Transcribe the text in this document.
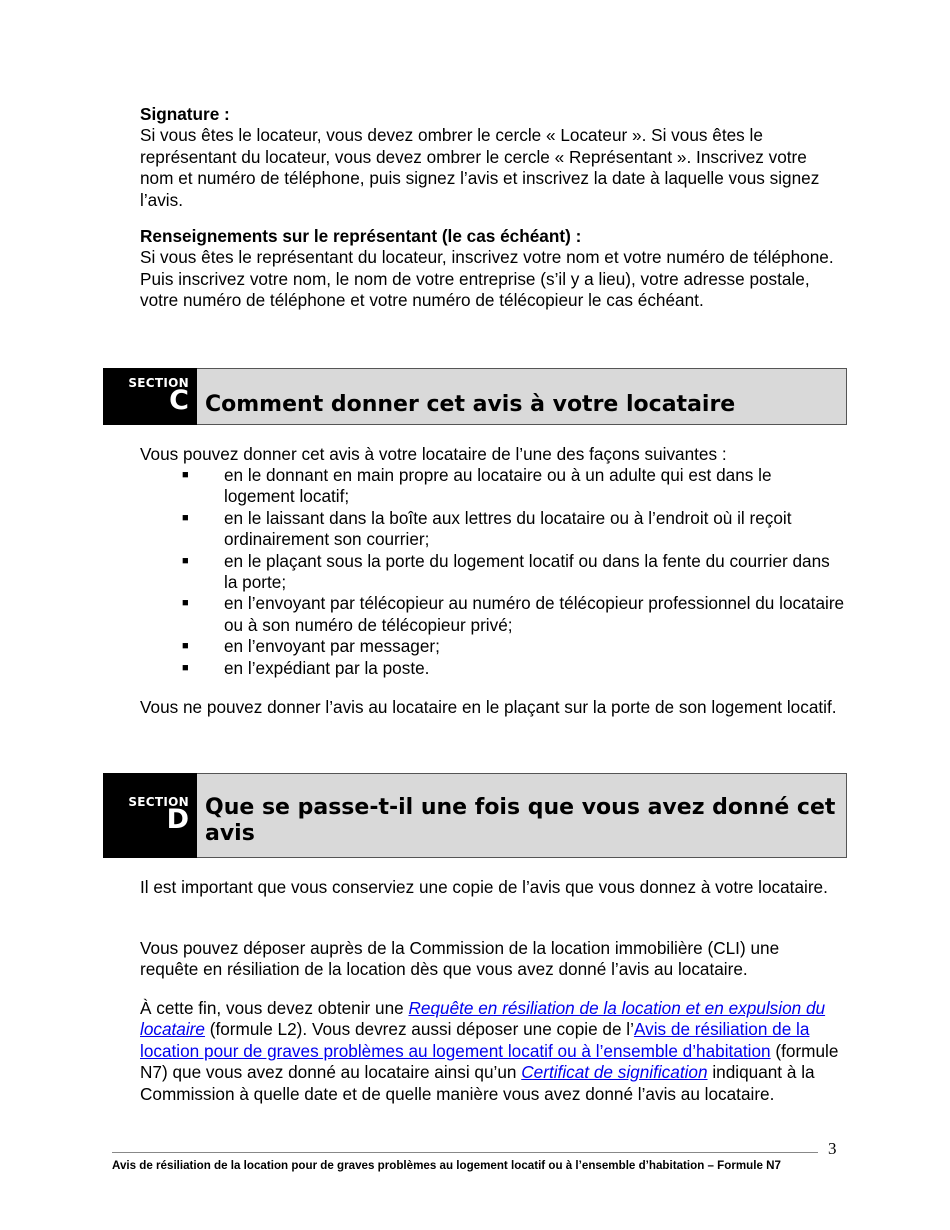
Signature :
Si vous êtes le locateur, vous devez ombrer le cercle « Locateur ». Si vous êtes le représentant du locateur, vous devez ombrer le cercle « Représentant ». Inscrivez votre nom et numéro de téléphone, puis signez l’avis et inscrivez la date à laquelle vous signez l’avis.

Renseignements sur le représentant (le cas échéant) :
Si vous êtes le représentant du locateur, inscrivez votre nom et votre numéro de téléphone. Puis inscrivez votre nom, le nom de votre entreprise (s’il y a lieu), votre adresse postale, votre numéro de téléphone et votre numéro de télécopieur le cas échéant.

SECTION
C Comment donner cet avis à votre locataire

Vous pouvez donner cet avis à votre locataire de l’une des façons suivantes :

■ en le donnant en main propre au locataire ou à un adulte qui est dans le logement locatif;
■ en le laissant dans la boîte aux lettres du locataire ou à l’endroit où il reçoit ordinairement son courrier;
■ en le plaçant sous la porte du logement locatif ou dans la fente du courrier dans la porte;
■ en l’envoyant par télécopieur au numéro de télécopieur professionnel du locataire ou à son numéro de télécopieur privé;
■ en l’envoyant par messager;
■ en l’expédiant par la poste.

Vous ne pouvez donner l’avis au locataire en le plaçant sur la porte de son logement locatif.

SECTION
D Que se passe-t-il une fois que vous avez donné cet avis

Il est important que vous conserviez une copie de l’avis que vous donnez à votre locataire.

Vous pouvez déposer auprès de la Commission de la location immobilière (CLI) une requête en résiliation de la location dès que vous avez donné l’avis au locataire.

À cette fin, vous devez obtenir une Requête en résiliation de la location et en expulsion du locataire (formule L2). Vous devrez aussi déposer une copie de l’Avis de résiliation de la location pour de graves problèmes au logement locatif ou à l’ensemble d’habitation (formule N7) que vous avez donné au locataire ainsi qu’un Certificat de signification indiquant à la Commission à quelle date et de quelle manière vous avez donné l’avis au locataire.

3
Avis de résiliation de la location pour de graves problèmes au logement locatif ou à l’ensemble d’habitation – Formule N7
